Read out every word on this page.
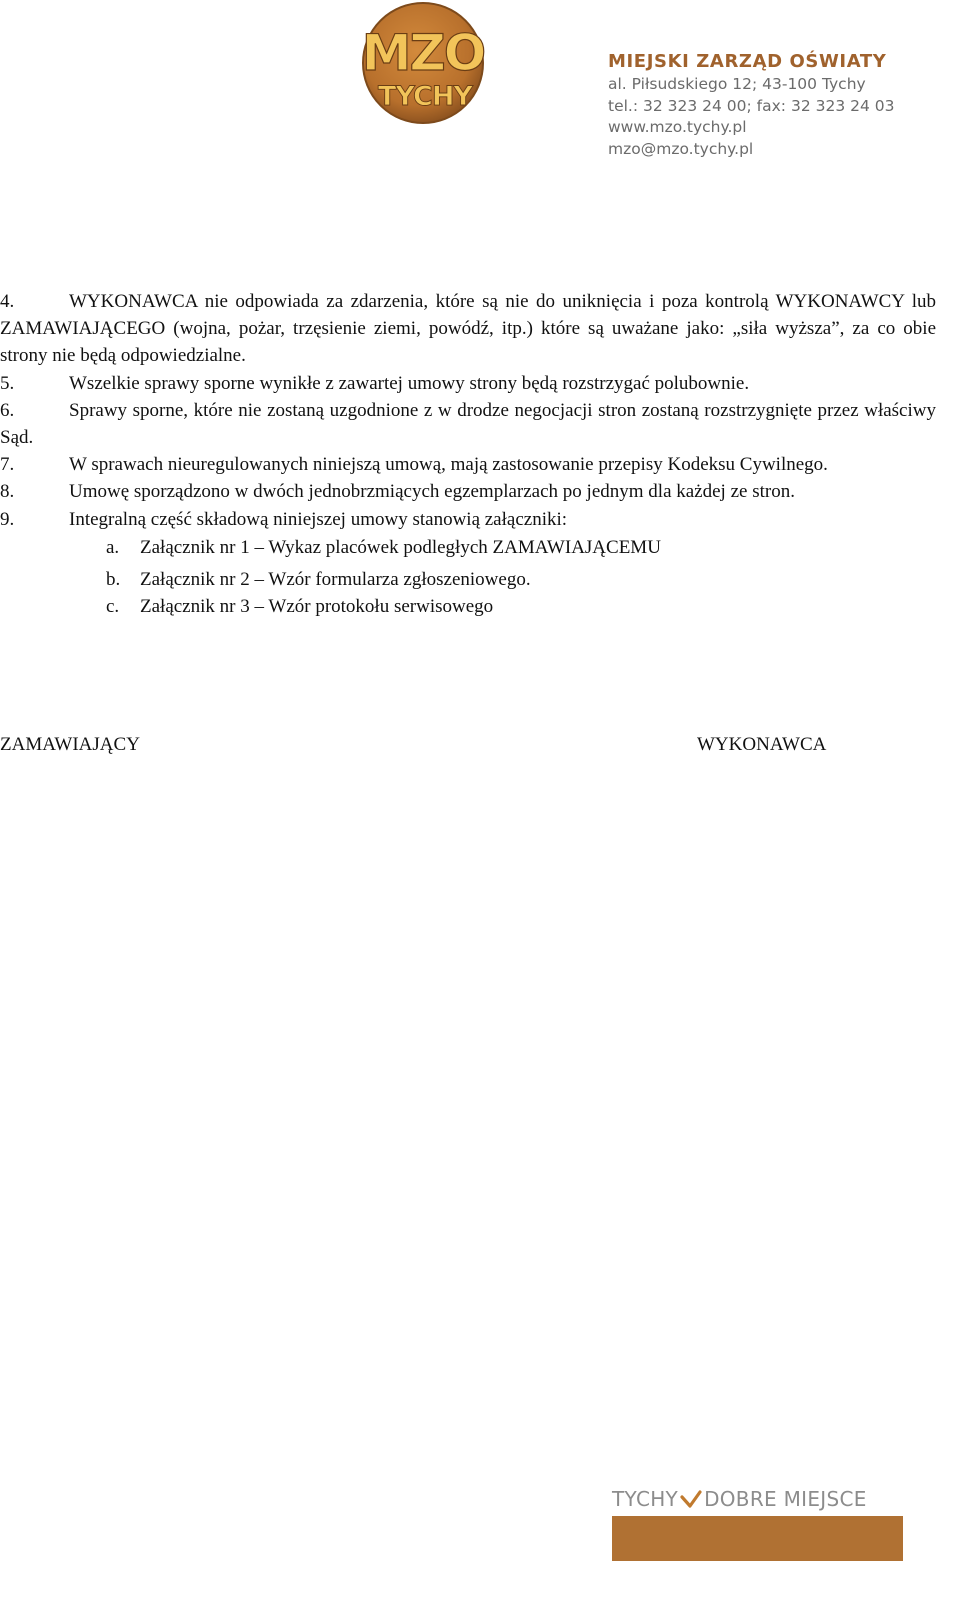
MZO
TYCHY
MIEJSKI ZARZĄD OŚWIATY
al. Piłsudskiego 12; 43-100 Tychy
tel.: 32 323 24 00; fax: 32 323 24 03
www.mzo.tychy.pl
mzo@mzo.tychy.pl

4.	WYKONAWCA nie odpowiada za zdarzenia, które są nie do uniknięcia i poza kontrolą WYKONAWCY lub ZAMAWIAJĄCEGO (wojna, pożar, trzęsienie ziemi, powódź, itp.) które są uważane jako: „siła wyższa”, za co obie strony nie będą odpowiedzialne.

5.	Wszelkie sprawy sporne wynikłe z zawartej umowy strony będą rozstrzygać polubownie.

6.	Sprawy sporne, które nie zostaną uzgodnione z w drodze negocjacji stron zostaną rozstrzygnięte przez właściwy Sąd.

7.	W sprawach nieuregulowanych niniejszą umową, mają zastosowanie przepisy Kodeksu Cywilnego.

8.	Umowę sporządzono w dwóch jednobrzmiących egzemplarzach po jednym dla każdej ze stron.

9.	Integralną część składową niniejszej umowy stanowią załączniki:

a. Załącznik nr 1 – Wykaz placówek podległych ZAMAWIAJĄCEMU

b. Załącznik nr 2 – Wzór formularza zgłoszeniowego.

c. Załącznik nr 3 – Wzór protokołu serwisowego

ZAMAWIAJĄCY	WYKONAWCA
TYCHY DOBRE MIEJSCE
